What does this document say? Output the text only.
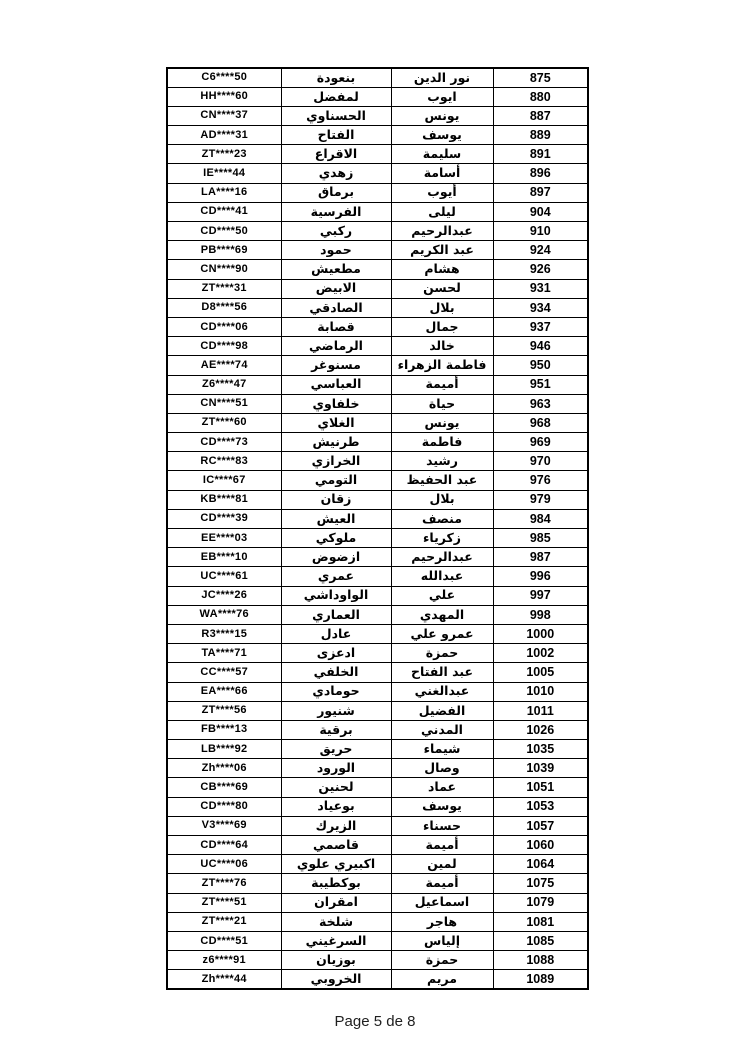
C6****50	بنعودة	نور الدين	875
HH****60	لمفضل	ايوب	880
CN****37	الحسناوي	يونس	887
AD****31	الفتاح	يوسف	889
ZT****23	الاقراع	سليمة	891
IE****44	زهدي	أسامة	896
LA****16	برماق	أيوب	897
CD****41	الفرسية	ليلى	904
CD****50	ركبي	عبدالرحيم	910
PB****69	حمود	عبد الكريم	924
CN****90	مطعيش	هشام	926
ZT****31	الابيض	لحسن	931
D8****56	الصادقي	بلال	934
CD****06	قصابة	جمال	937
CD****98	الرماضي	خالد	946
AE****74	مسنوغر	فاطمة الزهراء	950
Z6****47	العباسي	أميمة	951
CN****51	خلفاوي	حياة	963
ZT****60	الغلاي	يونس	968
CD****73	طرنيش	فاطمة	969
RC****83	الخرازي	رشيد	970
IC****67	التومي	عبد الحفيظ	976
KB****81	زقان	بلال	979
CD****39	العيش	منصف	984
EE****03	ملوكي	زكرياء	985
EB****10	ازضوض	عبدالرحيم	987
UC****61	عمري	عبدالله	996
JC****26	الواوداشي	علي	997
WA****76	العماري	المهدي	998
R3****15	عادل	عمرو علي	1000
TA****71	ادعزى	حمزة	1002
CC****57	الخلفي	عبد الفتاح	1005
EA****66	حومادي	عبدالغني	1010
ZT****56	شنيور	الفضيل	1011
FB****13	برقية	المدني	1026
LB****92	حريق	شيماء	1035
Zh****06	الورود	وصال	1039
CB****69	لحنين	عماد	1051
CD****80	بوعياد	يوسف	1053
V3****69	الزيرك	حسناء	1057
CD****64	قاصمي	أميمة	1060
UC****06	اكبيري علوي	لمين	1064
ZT****76	بوكطيبة	أميمة	1075
ZT****51	امقران	اسماعيل	1079
ZT****21	شلخة	هاجر	1081
CD****51	السرغيني	إلياس	1085
z6****91	بوزيان	حمزة	1088
Zh****44	الخروبي	مريم	1089
Page 5 de 8
